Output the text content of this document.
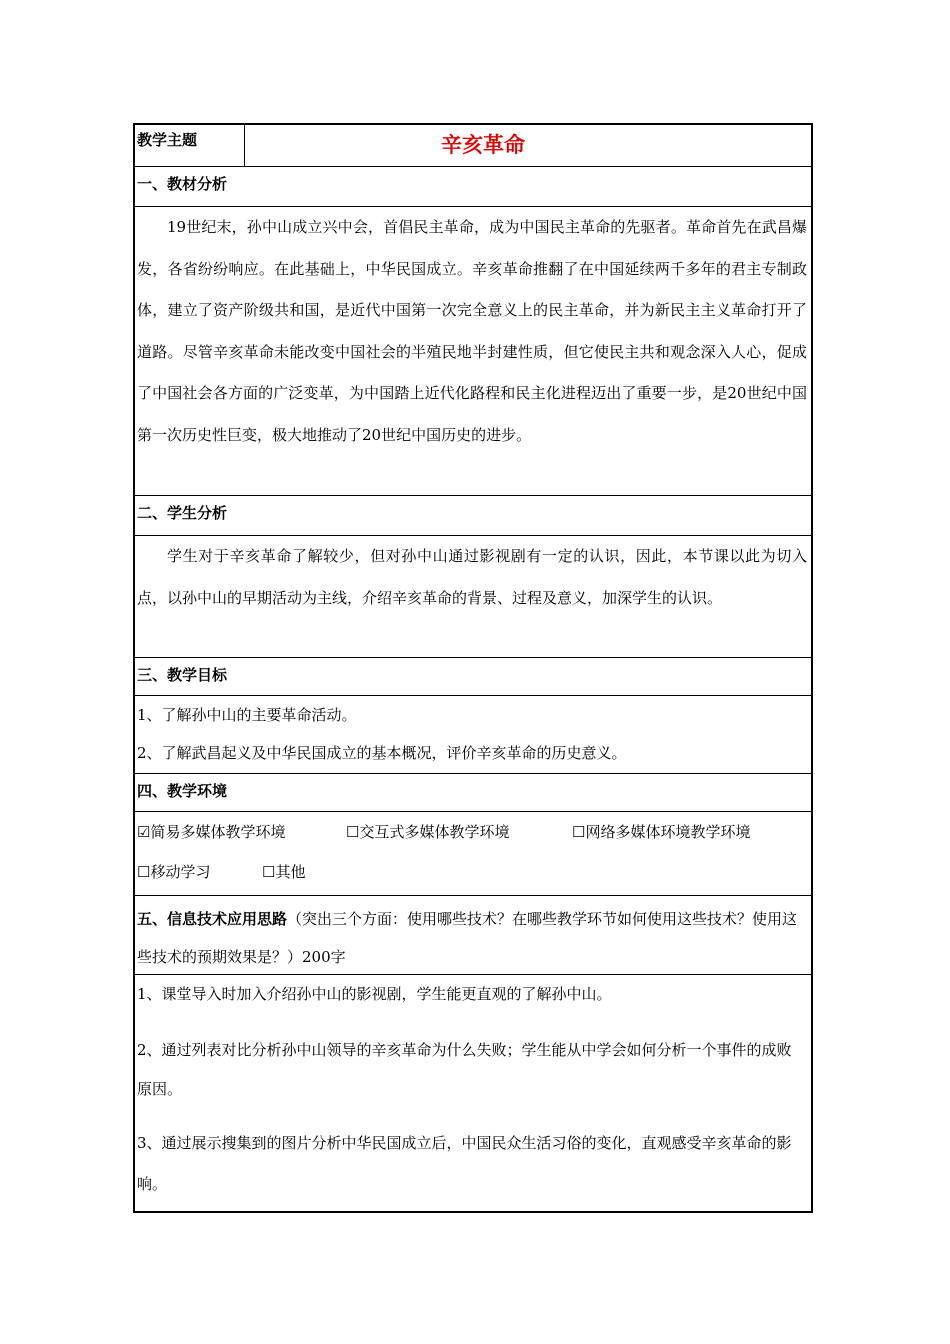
教学主题	辛亥革命
一、教材分析
19世纪末，孙中山成立兴中会，首倡民主革命，成为中国民主革命的先驱者。革命首先在武昌爆发，各省纷纷响应。在此基础上，中华民国成立。辛亥革命推翻了在中国延续两千多年的君主专制政体，建立了资产阶级共和国，是近代中国第一次完全意义上的民主革命，并为新民主主义革命打开了道路。尽管辛亥革命未能改变中国社会的半殖民地半封建性质，但它使民主共和观念深入人心，促成了中国社会各方面的广泛变革，为中国踏上近代化路程和民主化进程迈出了重要一步，是20世纪中国第一次历史性巨变，极大地推动了20世纪中国历史的进步。
二、学生分析
学生对于辛亥革命了解较少，但对孙中山通过影视剧有一定的认识，因此，本节课以此为切入点，以孙中山的早期活动为主线，介绍辛亥革命的背景、过程及意义，加深学生的认识。
三、教学目标
1、了解孙中山的主要革命活动。
2、了解武昌起义及中华民国成立的基本概况，评价辛亥革命的历史意义。
四、教学环境
☑简易多媒体教学环境	☐交互式多媒体教学环境	☐网络多媒体环境教学环境
☐移动学习	☐其他
五、信息技术应用思路（突出三个方面：使用哪些技术？在哪些教学环节如何使用这些技术？使用这些技术的预期效果是？）200字
1、课堂导入时加入介绍孙中山的影视剧，学生能更直观的了解孙中山。
2、通过列表对比分析孙中山领导的辛亥革命为什么失败；学生能从中学会如何分析一个事件的成败原因。
3、通过展示搜集到的图片分析中华民国成立后，中国民众生活习俗的变化，直观感受辛亥革命的影响。
